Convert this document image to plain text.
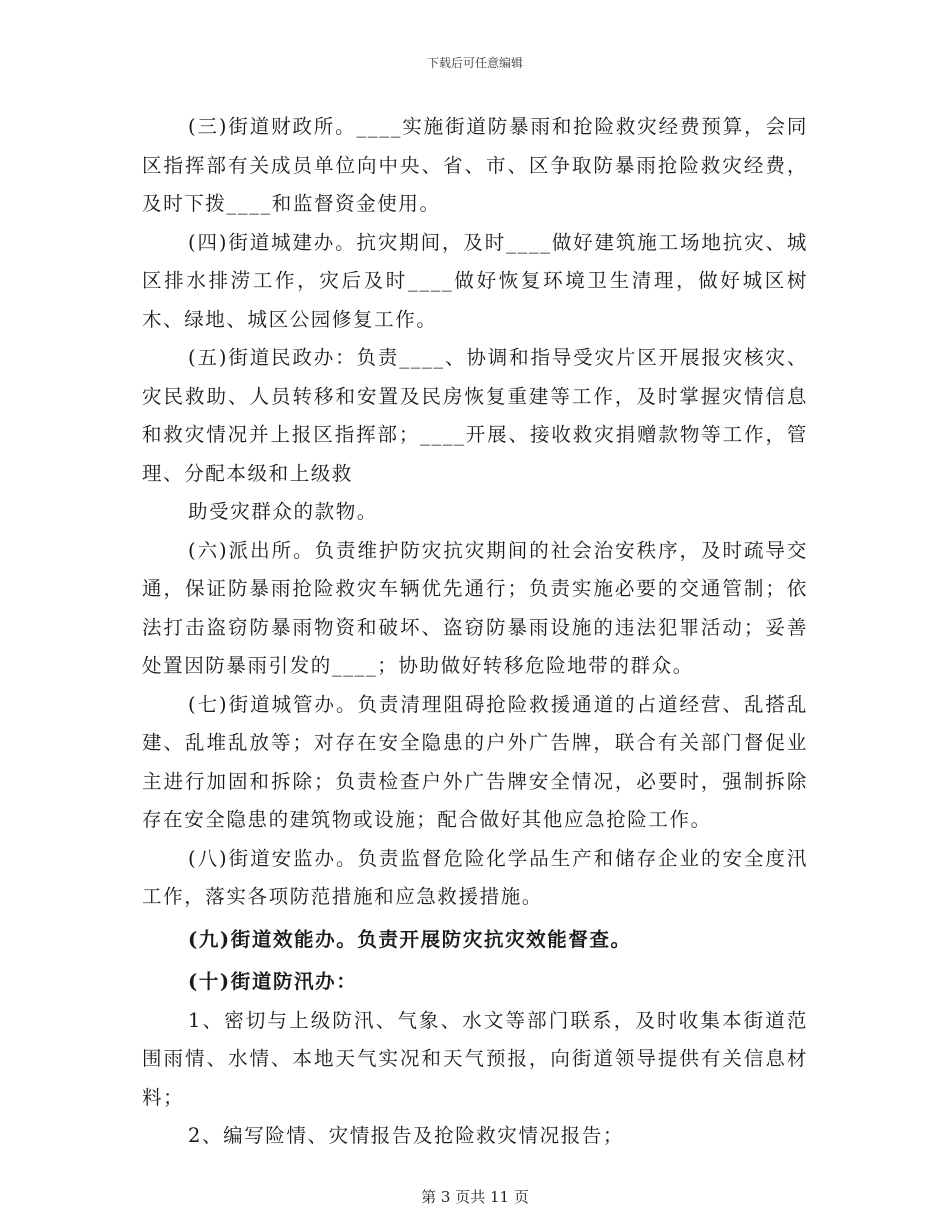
下载后可任意编辑

(三)街道财政所。____实施街道防暴雨和抢险救灾经费预算，会同区指挥部有关成员单位向中央、省、市、区争取防暴雨抢险救灾经费，及时下拨____和监督资金使用。

(四)街道城建办。抗灾期间，及时____做好建筑施工场地抗灾、城区排水排涝工作，灾后及时____做好恢复环境卫生清理，做好城区树木、绿地、城区公园修复工作。

(五)街道民政办：负责____、协调和指导受灾片区开展报灾核灾、灾民救助、人员转移和安置及民房恢复重建等工作，及时掌握灾情信息和救灾情况并上报区指挥部；____开展、接收救灾捐赠款物等工作，管理、分配本级和上级救

助受灾群众的款物。

(六)派出所。负责维护防灾抗灾期间的社会治安秩序，及时疏导交通，保证防暴雨抢险救灾车辆优先通行；负责实施必要的交通管制；依法打击盗窃防暴雨物资和破坏、盗窃防暴雨设施的违法犯罪活动；妥善处置因防暴雨引发的____；协助做好转移危险地带的群众。

(七)街道城管办。负责清理阻碍抢险救援通道的占道经营、乱搭乱建、乱堆乱放等；对存在安全隐患的户外广告牌，联合有关部门督促业主进行加固和拆除；负责检查户外广告牌安全情况，必要时，强制拆除存在安全隐患的建筑物或设施；配合做好其他应急抢险工作。

(八)街道安监办。负责监督危险化学品生产和储存企业的安全度汛工作，落实各项防范措施和应急救援措施。

(九)街道效能办。负责开展防灾抗灾效能督查。

(十)街道防汛办：

1、密切与上级防汛、气象、水文等部门联系，及时收集本街道范围雨情、水情、本地天气实况和天气预报，向街道领导提供有关信息材料；

2、编写险情、灾情报告及抢险救灾情况报告；

第 3 页共 11 页
